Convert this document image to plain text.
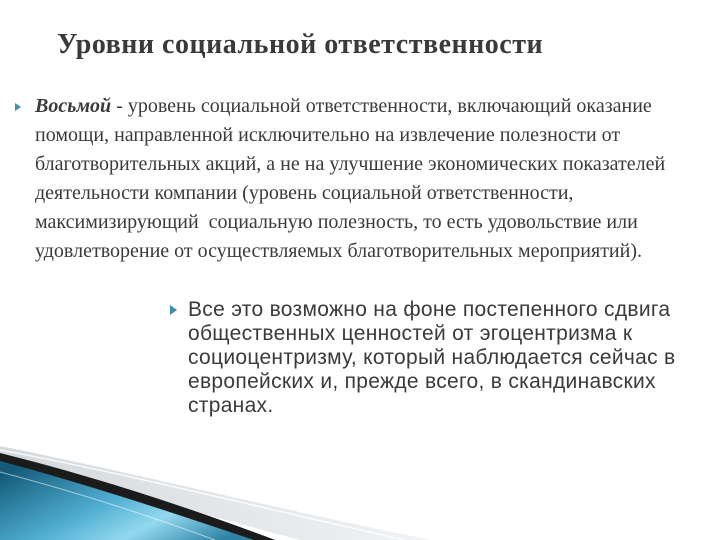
Уровни социальной ответственности
Восьмой - уровень социальной ответственности, включающий оказание
помощи, направленной исключительно на извлечение полезности от
благотворительных акций, а не на улучшение экономических показателей
деятельности компании (уровень социальной ответственности,
максимизирующий  социальную полезность, то есть удовольствие или
удовлетворение от осуществляемых благотворительных мероприятий).
Все это возможно на фоне постепенного сдвига
общественных ценностей от эгоцентризма к
социоцентризму, который наблюдается сейчас в
европейских и, прежде всего, в скандинавских
странах.
